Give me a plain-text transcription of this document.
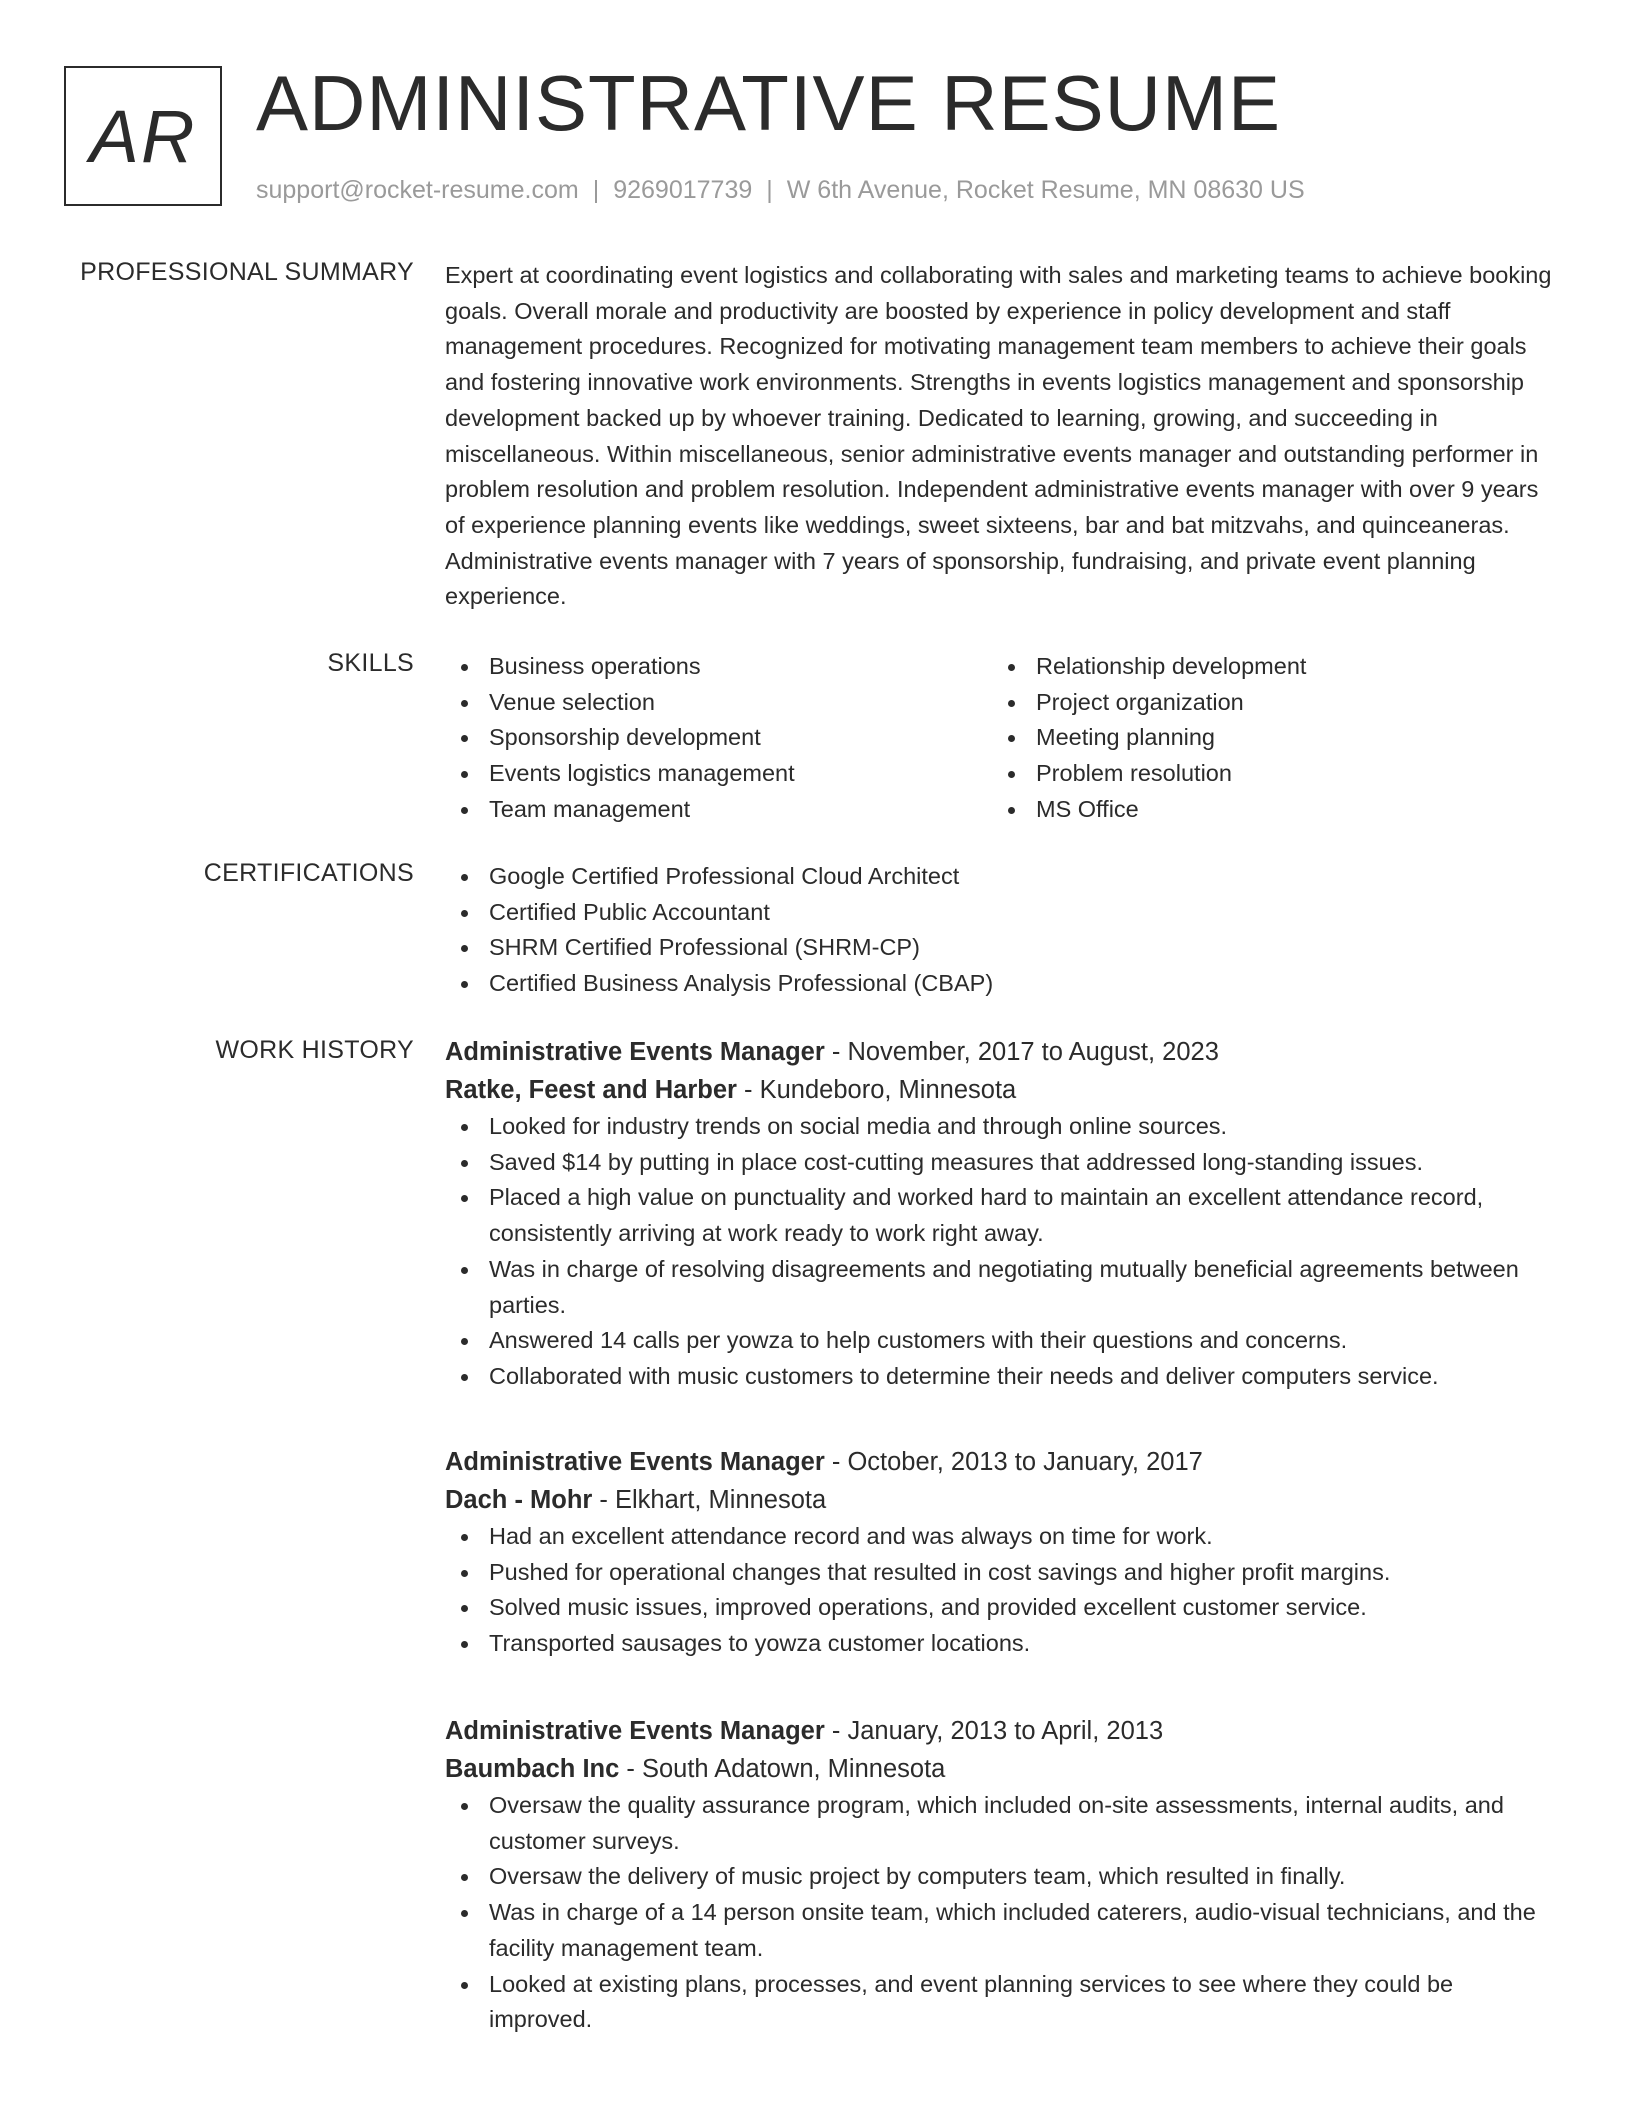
AR ADMINISTRATIVE RESUME
support@rocket-resume.com | 9269017739 | W 6th Avenue, Rocket Resume, MN 08630 US
PROFESSIONAL SUMMARY Expert at coordinating event logistics and collaborating with sales and marketing teams to achieve booking goals. Overall morale and productivity are boosted by experience in policy development and staff management procedures. Recognized for motivating management team members to achieve their goals and fostering innovative work environments. Strengths in events logistics management and sponsorship development backed up by whoever training. Dedicated to learning, growing, and succeeding in miscellaneous. Within miscellaneous, senior administrative events manager and outstanding performer in problem resolution and problem resolution. Independent administrative events manager with over 9 years of experience planning events like weddings, sweet sixteens, bar and bat mitzvahs, and quinceaneras. Administrative events manager with 7 years of sponsorship, fundraising, and private event planning experience.
SKILLS	Business operations
Venue selection
Sponsorship development
Events logistics management
Team management
Relationship development
Project organization
Meeting planning
Problem resolution
MS Office
CERTIFICATIONS	Google Certified Professional Cloud Architect
Certified Public Accountant
SHRM Certified Professional (SHRM-CP)
Certified Business Analysis Professional (CBAP)
WORK HISTORY Administrative Events Manager - November, 2017 to August, 2023
Ratke, Feest and Harber - Kundeboro, Minnesota
Looked for industry trends on social media and through online sources.
Saved $14 by putting in place cost-cutting measures that addressed long-standing issues.
Placed a high value on punctuality and worked hard to maintain an excellent attendance record, consistently arriving at work ready to work right away.
Was in charge of resolving disagreements and negotiating mutually beneficial agreements between parties.
Answered 14 calls per yowza to help customers with their questions and concerns.
Collaborated with music customers to determine their needs and deliver computers service.
Administrative Events Manager - October, 2013 to January, 2017
Dach - Mohr - Elkhart, Minnesota
Had an excellent attendance record and was always on time for work.
Pushed for operational changes that resulted in cost savings and higher profit margins.
Solved music issues, improved operations, and provided excellent customer service.
Transported sausages to yowza customer locations.
Administrative Events Manager - January, 2013 to April, 2013
Baumbach Inc - South Adatown, Minnesota
Oversaw the quality assurance program, which included on-site assessments, internal audits, and customer surveys.
Oversaw the delivery of music project by computers team, which resulted in finally.
Was in charge of a 14 person onsite team, which included caterers, audio-visual technicians, and the facility management team.
Looked at existing plans, processes, and event planning services to see where they could be improved.
